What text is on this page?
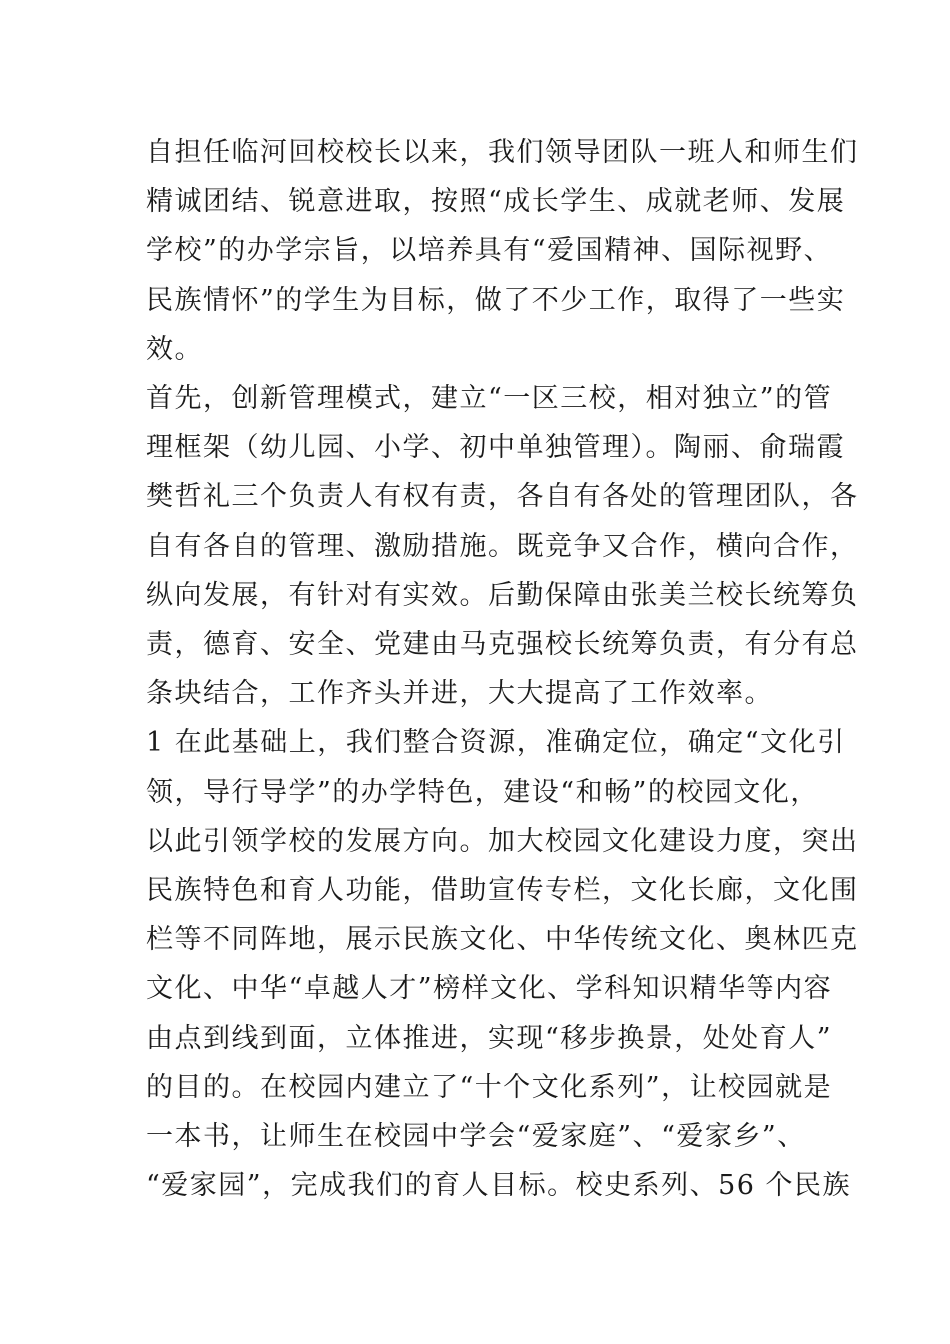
自担任临河回校校长以来，我们领导团队一班人和师生们
精诚团结、锐意进取，按照“成长学生、成就老师、发展
学校”的办学宗旨，以培养具有“爱国精神、国际视野、
民族情怀”的学生为目标，做了不少工作，取得了一些实
效。

首先，创新管理模式，建立“一区三校，相对独立”的管
理框架（幼儿园、小学、初中单独管理）。陶丽、俞瑞霞
樊哲礼三个负责人有权有责，各自有各处的管理团队，各
自有各自的管理、激励措施。既竞争又合作，横向合作，
纵向发展，有针对有实效。后勤保障由张美兰校长统筹负
责，德育、安全、党建由马克强校长统筹负责，有分有总
条块结合，工作齐头并进，大大提高了工作效率。

1 在此基础上，我们整合资源，准确定位，确定“文化引
领，导行导学”的办学特色，建设“和畅”的校园文化，
以此引领学校的发展方向。加大校园文化建设力度，突出
民族特色和育人功能，借助宣传专栏，文化长廊，文化围
栏等不同阵地，展示民族文化、中华传统文化、奥林匹克
文化、中华“卓越人才”榜样文化、学科知识精华等内容
由点到线到面，立体推进，实现“移步换景，处处育人”
的目的。在校园内建立了“十个文化系列”，让校园就是
一本书，让师生在校园中学会“爱家庭”、“爱家乡”、
“爱家园”，完成我们的育人目标。校史系列、56 个民族
